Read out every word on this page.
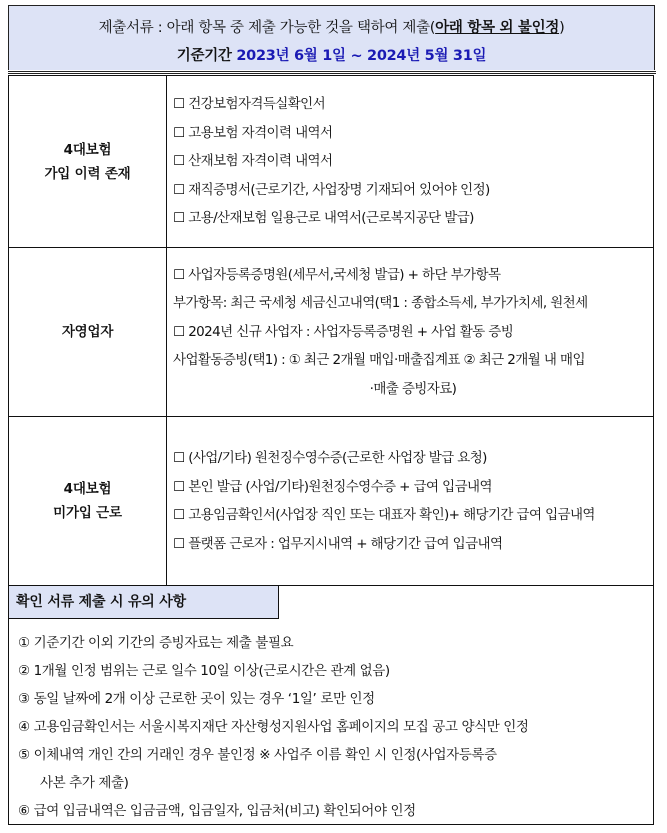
제출서류 : 아래 항목 중 제출 가능한 것을 택하여 제출(아래 항목 외 불인정)
기준기간 2023년 6월 1일 ~ 2024년 5월 31일
4대보험
가입 이력 존재
☐ 건강보험자격득실확인서
☐ 고용보험 자격이력 내역서
☐ 산재보험 자격이력 내역서
☐ 재직증명서(근로기간, 사업장명 기재되어 있어야 인정)
☐ 고용/산재보험 일용근로 내역서(근로복지공단 발급)
자영업자
☐ 사업자등록증명원(세무서,국세청 발급) + 하단 부가항목
부가항목: 최근 국세청 세금신고내역(택1 : 종합소득세, 부가가치세, 원천세
☐ 2024년 신규 사업자 : 사업자등록증명원 + 사업 활동 증빙
사업활동증빙(택1) : ① 최근 2개월 매입·매출집계표 ② 최근 2개월 내 매입
·매출 증빙자료)
4대보험
미가입 근로
☐ (사업/기타) 원천징수영수증(근로한 사업장 발급 요청)
☐ 본인 발급 (사업/기타)원천징수영수증 + 급여 입금내역
☐ 고용임금확인서(사업장 직인 또는 대표자 확인)+ 해당기간 급여 입금내역
☐ 플랫폼 근로자 : 업무지시내역 + 해당기간 급여 입금내역
확인 서류 제출 시 유의 사항
① 기준기간 이외 기간의 증빙자료는 제출 불필요
② 1개월 인정 범위는 근로 일수 10일 이상(근로시간은 관계 없음)
③ 동일 날짜에 2개 이상 근로한 곳이 있는 경우 ‘1일’ 로만 인정
④ 고용임금확인서는 서울시복지재단 자산형성지원사업 홈페이지의 모집 공고 양식만 인정
⑤ 이체내역 개인 간의 거래인 경우 불인정 ※ 사업주 이름 확인 시 인정(사업자등록증
사본 추가 제출)
⑥ 급여 입금내역은 입금금액, 입금일자, 입금처(비고) 확인되어야 인정
